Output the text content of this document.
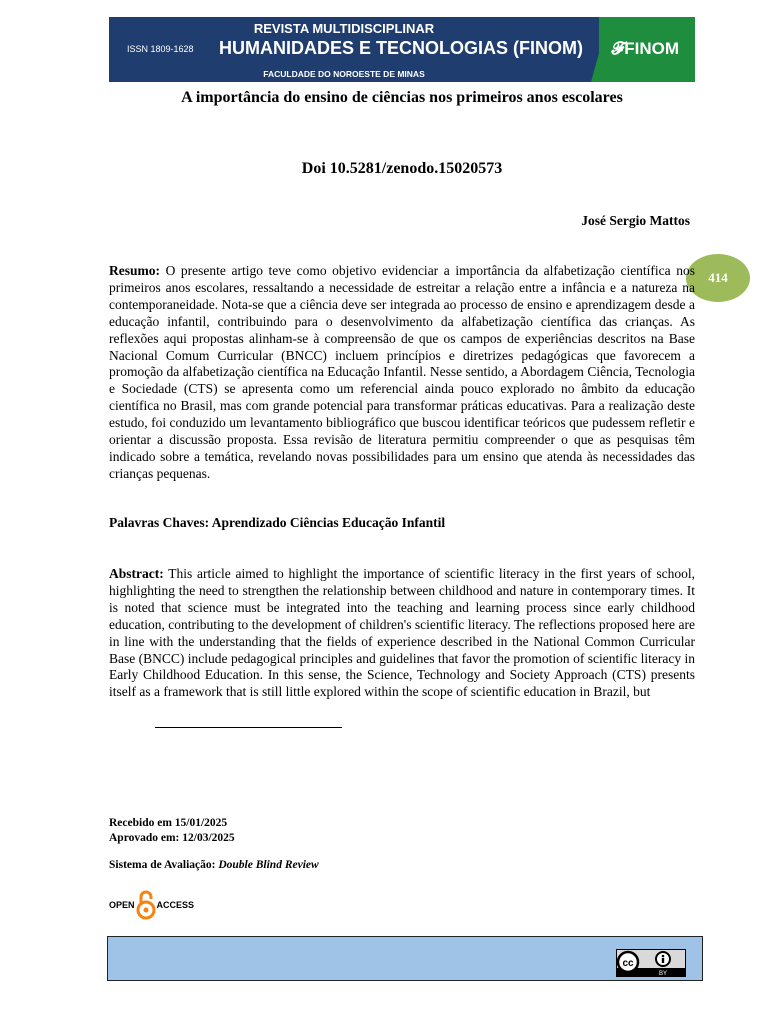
ISSN 1809-1628
REVISTA MULTIDISCIPLINAR
HUMANIDADES E TECNOLOGIAS (FINOM)
FACULDADE DO NOROESTE DE MINAS
𝓕FINOM
A importância do ensino de ciências nos primeiros anos escolares
Doi 10.5281/zenodo.15020573
José Sergio Mattos
414
Resumo: O presente artigo teve como objetivo evidenciar a importância da alfabetização científica nos primeiros anos escolares, ressaltando a necessidade de estreitar a relação entre a infância e a natureza na contemporaneidade. Nota-se que a ciência deve ser integrada ao processo de ensino e aprendizagem desde a educação infantil, contribuindo para o desenvolvimento da alfabetização científica das crianças. As reflexões aqui propostas alinham-se à compreensão de que os campos de experiências descritos na Base Nacional Comum Curricular (BNCC) incluem princípios e diretrizes pedagógicas que favorecem a promoção da alfabetização científica na Educação Infantil. Nesse sentido, a Abordagem Ciência, Tecnologia e Sociedade (CTS) se apresenta como um referencial ainda pouco explorado no âmbito da educação científica no Brasil, mas com grande potencial para transformar práticas educativas. Para a realização deste estudo, foi conduzido um levantamento bibliográfico que buscou identificar teóricos que pudessem refletir e orientar a discussão proposta. Essa revisão de literatura permitiu compreender o que as pesquisas têm indicado sobre a temática, revelando novas possibilidades para um ensino que atenda às necessidades das crianças pequenas.
Palavras Chaves: Aprendizado Ciências Educação Infantil
Abstract: This article aimed to highlight the importance of scientific literacy in the first years of school, highlighting the need to strengthen the relationship between childhood and nature in contemporary times. It is noted that science must be integrated into the teaching and learning process since early childhood education, contributing to the development of children's scientific literacy. The reflections proposed here are in line with the understanding that the fields of experience described in the National Common Curricular Base (BNCC) include pedagogical principles and guidelines that favor the promotion of scientific literacy in Early Childhood Education. In this sense, the Science, Technology and Society Approach (CTS) presents itself as a framework that is still little explored within the scope of scientific education in Brazil, but
Recebido em 15/01/2025
Aprovado em: 12/03/2025
Sistema de Avaliação: Double Blind Review
OPEN ACCESS
cc
BY
